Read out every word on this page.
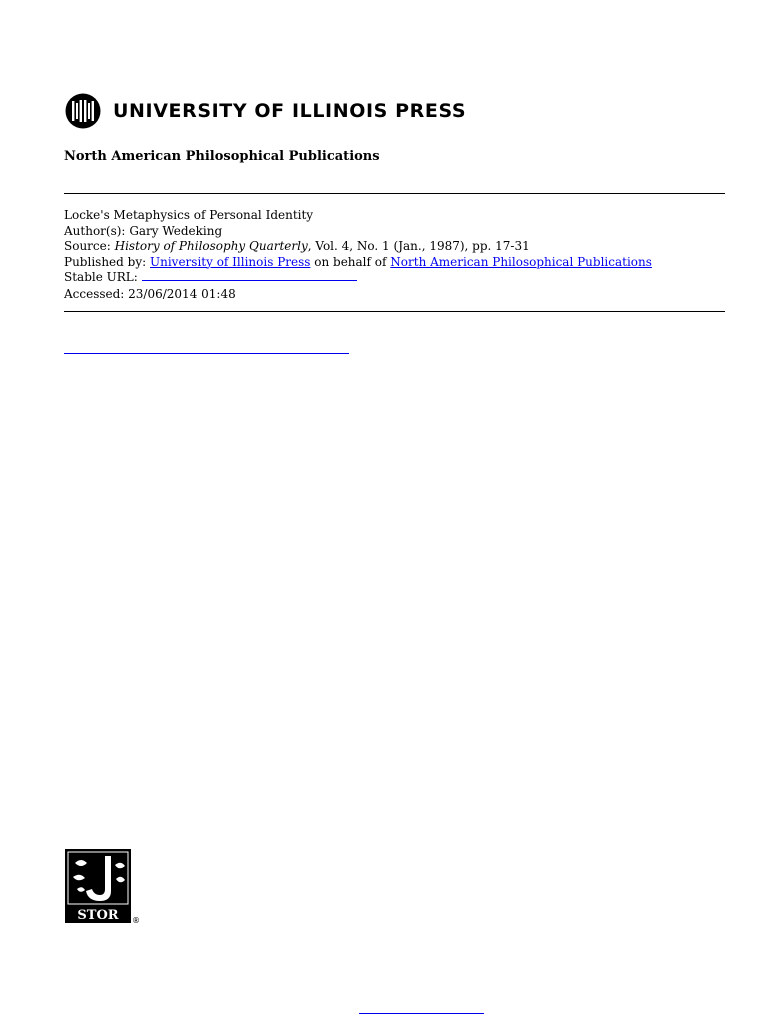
UNIVERSITY OF ILLINOIS PRESS
North American Philosophical Publications
Locke's Metaphysics of Personal Identity
Author(s): Gary Wedeking
Source: History of Philosophy Quarterly, Vol. 4, No. 1 (Jan., 1987), pp. 17-31
Published by: University of Illinois Press on behalf of North American Philosophical Publications
Stable URL:
Accessed: 23/06/2014 01:48
STOR ®
